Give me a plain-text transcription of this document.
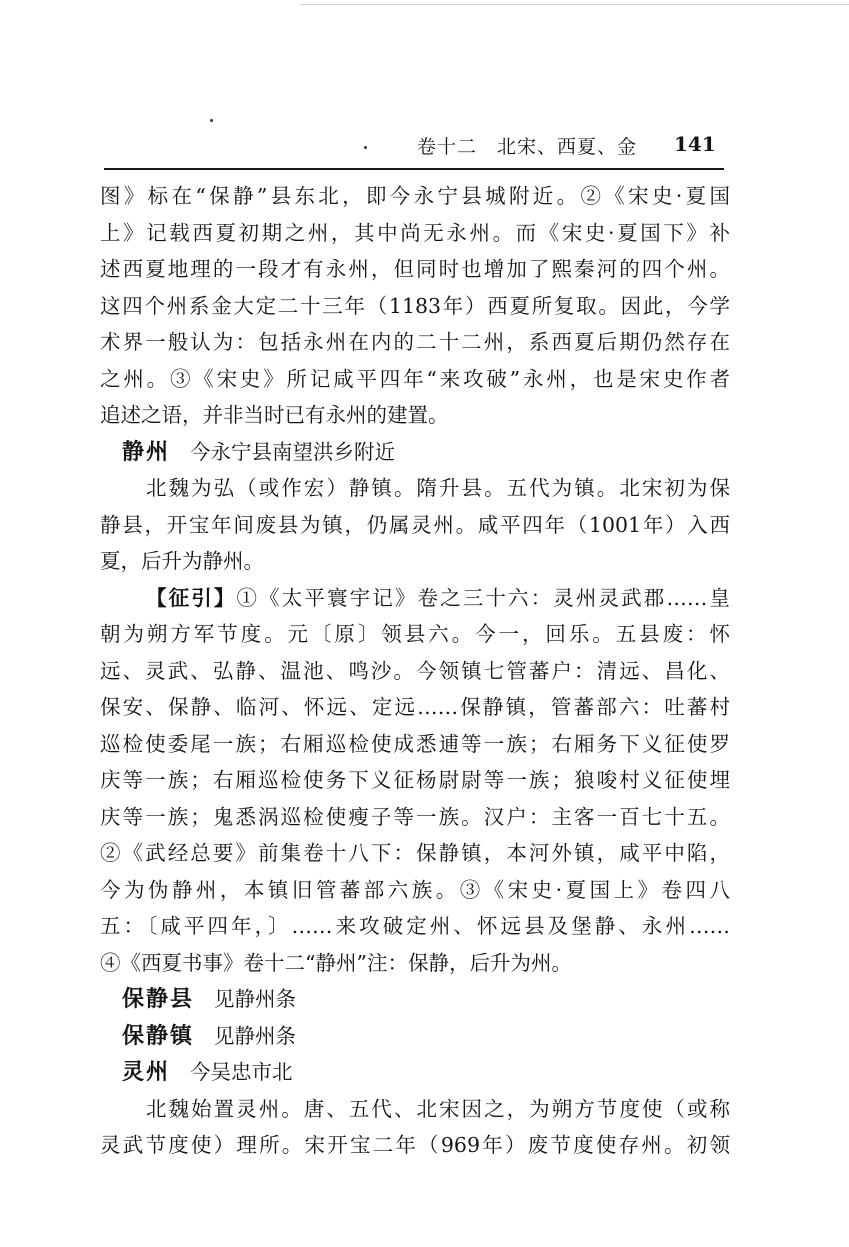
卷十二　北宋、西夏、金 141
图》标在“保静”县东北，即今永宁县城附近。②《宋史·夏国
上》记载西夏初期之州，其中尚无永州。而《宋史·夏国下》补
述西夏地理的一段才有永州，但同时也增加了熙秦河的四个州。
这四个州系金大定二十三年（1183年）西夏所复取。因此，今学
术界一般认为：包括永州在内的二十二州，系西夏后期仍然存在
之州。③《宋史》所记咸平四年“来攻破”永州，也是宋史作者
追述之语，并非当时已有永州的建置。
静州 今永宁县南望洪乡附近
北魏为弘（或作宏）静镇。隋升县。五代为镇。北宋初为保
静县，开宝年间废县为镇，仍属灵州。咸平四年（1001年）入西
夏，后升为静州。
【征引】①《太平寰宇记》卷之三十六：灵州灵武郡……皇
朝为朔方军节度。元〔原〕领县六。今一，回乐。五县废：怀
远、灵武、弘静、温池、鸣沙。今领镇七管蕃户：清远、昌化、
保安、保静、临河、怀远、定远……保静镇，管蕃部六：吐蕃村
巡检使委尾一族；右厢巡检使成悉逋等一族；右厢务下义征使罗
庆等一族；右厢巡检使务下义征杨尉尉等一族；狼唆村义征使埋
庆等一族；鬼悉涡巡检使瘦子等一族。汉户：主客一百七十五。
②《武经总要》前集卷十八下：保静镇，本河外镇，咸平中陷，
今为伪静州，本镇旧管蕃部六族。③《宋史·夏国上》卷四八
五：〔咸平四年，〕……来攻破定州、怀远县及堡静、永州……
④《西夏书事》卷十二“静州”注：保静，后升为州。
保静县 见静州条
保静镇 见静州条
灵州 今吴忠市北
北魏始置灵州。唐、五代、北宋因之，为朔方节度使（或称
灵武节度使）理所。宋开宝二年（969年）废节度使存州。初领
